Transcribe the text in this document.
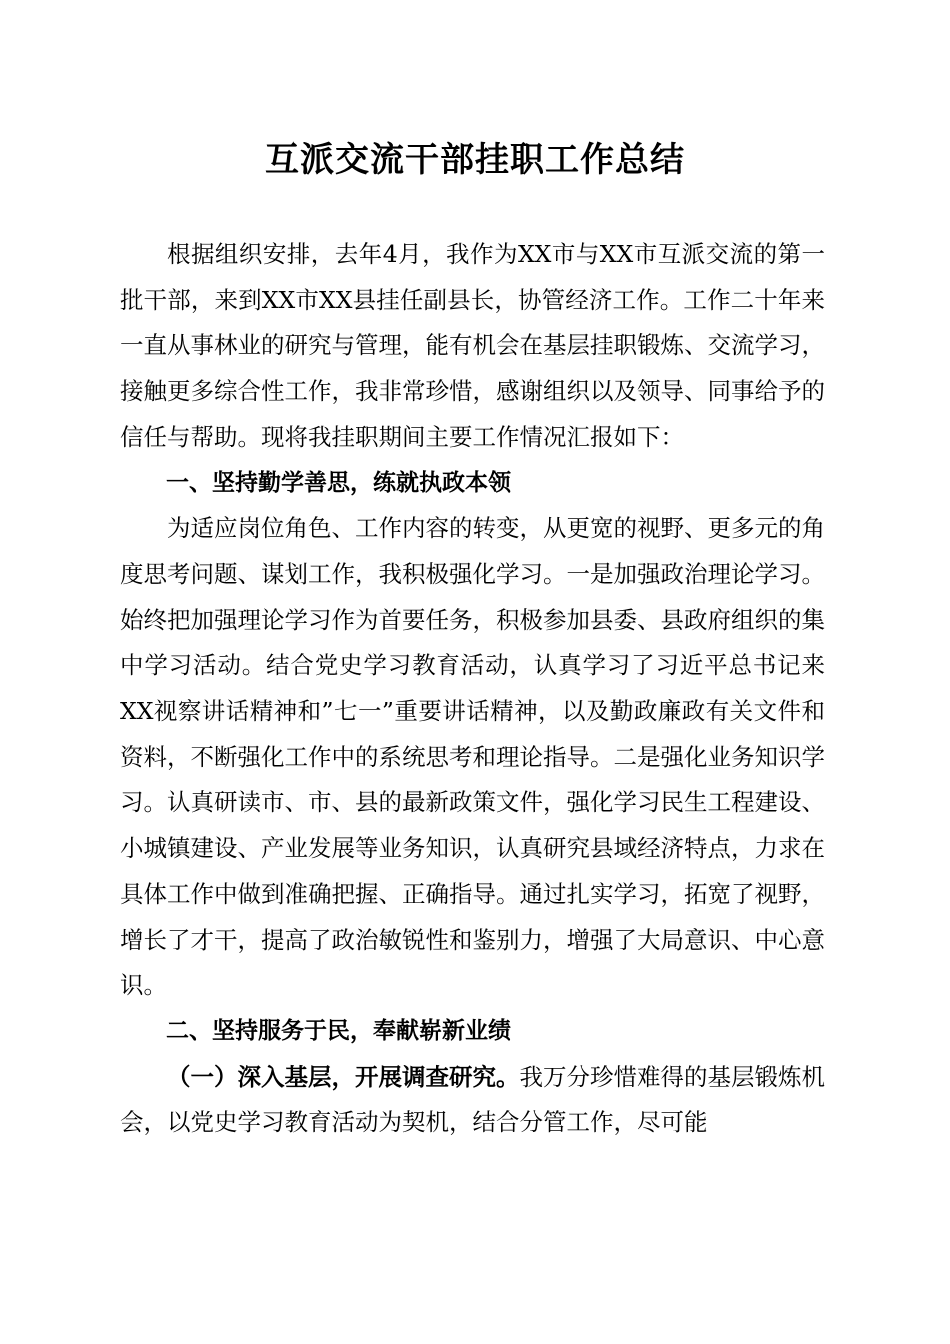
互派交流干部挂职工作总结

根据组织安排，去年4月，我作为XX市与XX市互派交流的第一批干部，来到XX市XX县挂任副县长，协管经济工作。工作二十年来一直从事林业的研究与管理，能有机会在基层挂职锻炼、交流学习，接触更多综合性工作，我非常珍惜，感谢组织以及领导、同事给予的信任与帮助。现将我挂职期间主要工作情况汇报如下：

一、坚持勤学善思，练就执政本领

为适应岗位角色、工作内容的转变，从更宽的视野、更多元的角度思考问题、谋划工作，我积极强化学习。一是加强政治理论学习。始终把加强理论学习作为首要任务，积极参加县委、县政府组织的集中学习活动。结合党史学习教育活动，认真学习了习近平总书记来XX视察讲话精神和”七一”重要讲话精神，以及勤政廉政有关文件和资料，不断强化工作中的系统思考和理论指导。二是强化业务知识学习。认真研读市、市、县的最新政策文件，强化学习民生工程建设、小城镇建设、产业发展等业务知识，认真研究县域经济特点，力求在具体工作中做到准确把握、正确指导。通过扎实学习，拓宽了视野，增长了才干，提高了政治敏锐性和鉴别力，增强了大局意识、中心意识。

二、坚持服务于民，奉献崭新业绩

（一）深入基层，开展调查研究。我万分珍惜难得的基层锻炼机会，以党史学习教育活动为契机，结合分管工作，尽可能
